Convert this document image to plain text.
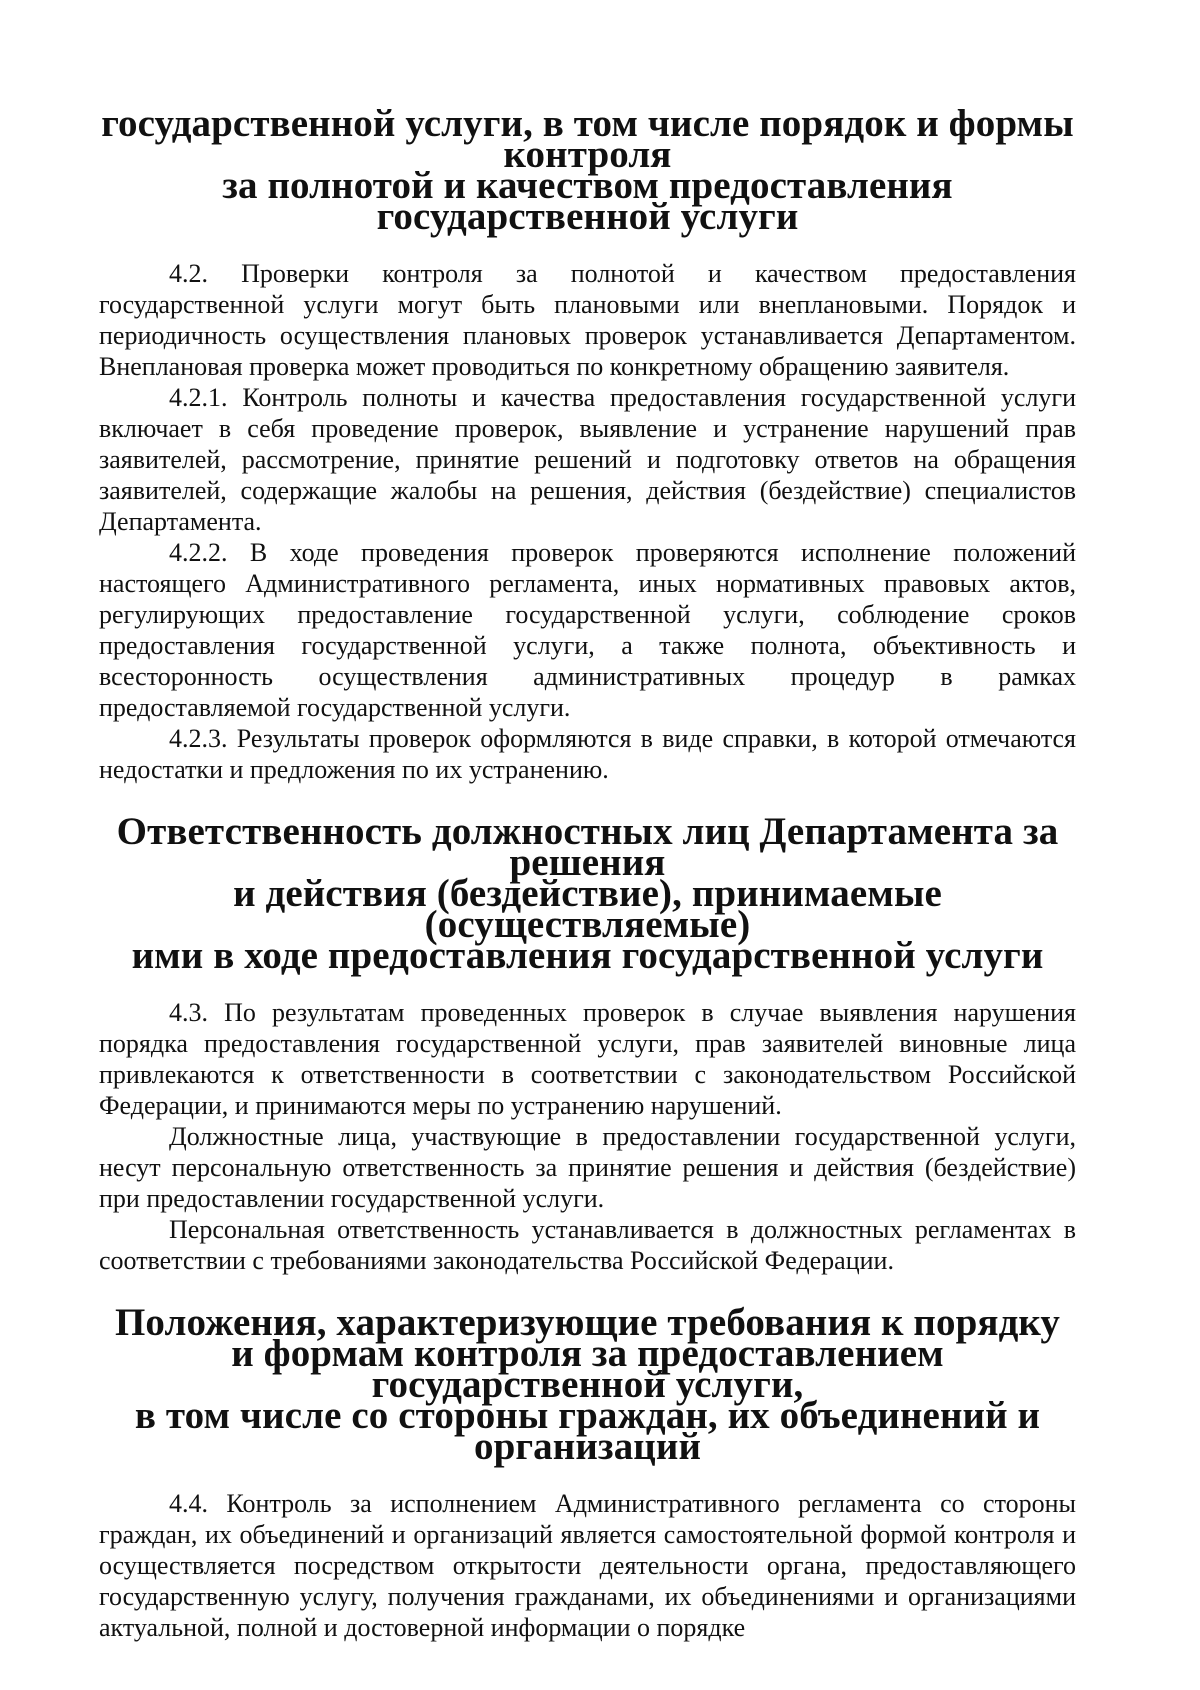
государственной услуги, в том числе порядок и формы контроля
за полнотой и качеством предоставления государственной услуги

4.2. Проверки контроля за полнотой и качеством предоставления государственной услуги могут быть плановыми или внеплановыми. Порядок и периодичность осуществления плановых проверок устанавливается Департаментом. Внеплановая проверка может проводиться по конкретному обращению заявителя.

4.2.1. Контроль полноты и качества предоставления государственной услуги включает в себя проведение проверок, выявление и устранение нарушений прав заявителей, рассмотрение, принятие решений и подготовку ответов на обращения заявителей, содержащие жалобы на решения, действия (бездействие) специалистов Департамента.

4.2.2. В ходе проведения проверок проверяются исполнение положений настоящего Административного регламента, иных нормативных правовых актов, регулирующих предоставление государственной услуги, соблюдение сроков предоставления государственной услуги, а также полнота, объективность и всесторонность осуществления административных процедур в рамках предоставляемой государственной услуги.

4.2.3. Результаты проверок оформляются в виде справки, в которой отмечаются недостатки и предложения по их устранению.

Ответственность должностных лиц Департамента за решения
и действия (бездействие), принимаемые (осуществляемые)
ими в ходе предоставления государственной услуги

4.3. По результатам проведенных проверок в случае выявления нарушения порядка предоставления государственной услуги, прав заявителей виновные лица привлекаются к ответственности в соответствии с законодательством Российской Федерации, и принимаются меры по устранению нарушений.

Должностные лица, участвующие в предоставлении государственной услуги, несут персональную ответственность за принятие решения и действия (бездействие) при предоставлении государственной услуги.

Персональная ответственность устанавливается в должностных регламентах в соответствии с требованиями законодательства Российской Федерации.

Положения, характеризующие требования к порядку
и формам контроля за предоставлением государственной услуги,
в том числе со стороны граждан, их объединений и организаций

4.4. Контроль за исполнением Административного регламента со стороны граждан, их объединений и организаций является самостоятельной формой контроля и осуществляется посредством открытости деятельности органа, предоставляющего государственную услугу, получения гражданами, их объединениями и организациями актуальной, полной и достоверной информации о порядке
